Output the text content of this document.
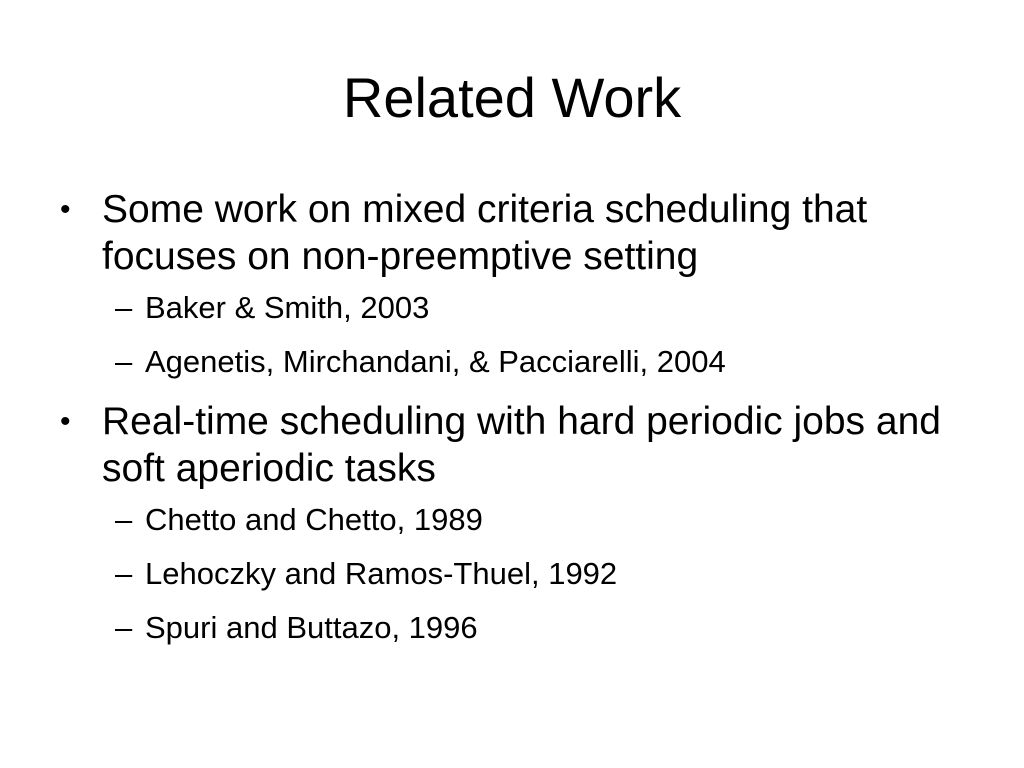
Related Work

• Some work on mixed criteria scheduling that focuses on non-preemptive setting

– Baker & Smith, 2003

– Agenetis, Mirchandani, & Pacciarelli, 2004

• Real-time scheduling with hard periodic jobs and soft aperiodic tasks

– Chetto and Chetto, 1989

– Lehoczky and Ramos-Thuel, 1992

– Spuri and Buttazo, 1996
